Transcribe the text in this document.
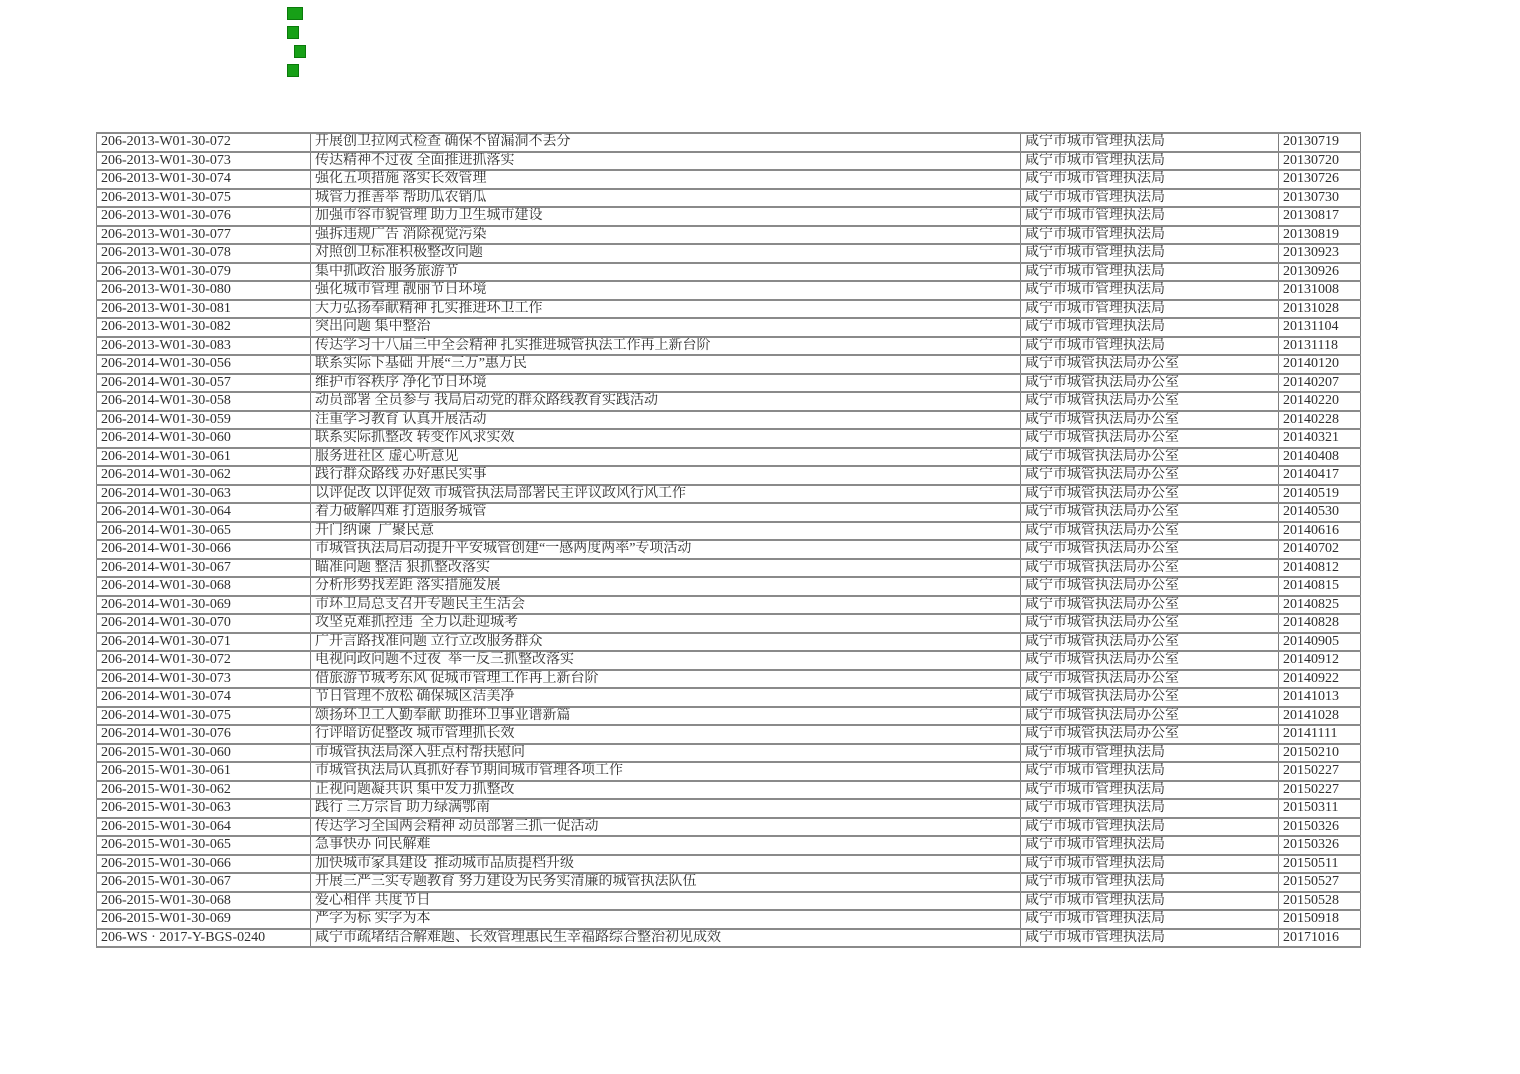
206-2013-W01-30-072	开展创卫拉网式检查 确保不留漏洞不丢分	咸宁市城市管理执法局	20130719
206-2013-W01-30-073	传达精神不过夜 全面推进抓落实	咸宁市城市管理执法局	20130720
206-2013-W01-30-074	强化五项措施 落实长效管理	咸宁市城市管理执法局	20130726
206-2013-W01-30-075	城管力推善举 帮助瓜农销瓜	咸宁市城市管理执法局	20130730
206-2013-W01-30-076	加强市容市貌管理 助力卫生城市建设	咸宁市城市管理执法局	20130817
206-2013-W01-30-077	强拆违规广告 消除视觉污染	咸宁市城市管理执法局	20130819
206-2013-W01-30-078	对照创卫标准积极整改问题	咸宁市城市管理执法局	20130923
206-2013-W01-30-079	集中抓政治 服务旅游节	咸宁市城市管理执法局	20130926
206-2013-W01-30-080	强化城市管理 靓丽节日环境	咸宁市城市管理执法局	20131008
206-2013-W01-30-081	大力弘扬奉献精神 扎实推进环卫工作	咸宁市城市管理执法局	20131028
206-2013-W01-30-082	突出问题 集中整治	咸宁市城市管理执法局	20131104
206-2013-W01-30-083	传达学习十八届三中全会精神 扎实推进城管执法工作再上新台阶	咸宁市城市管理执法局	20131118
206-2014-W01-30-056	联系实际下基础 开展“三万”惠万民	咸宁市城管执法局办公室	20140120
206-2014-W01-30-057	维护市容秩序 净化节日环境	咸宁市城管执法局办公室	20140207
206-2014-W01-30-058	动员部署 全员参与 我局启动党的群众路线教育实践活动	咸宁市城管执法局办公室	20140220
206-2014-W01-30-059	注重学习教育 认真开展活动	咸宁市城管执法局办公室	20140228
206-2014-W01-30-060	联系实际抓整改 转变作风求实效	咸宁市城管执法局办公室	20140321
206-2014-W01-30-061	服务进社区 虚心听意见	咸宁市城管执法局办公室	20140408
206-2014-W01-30-062	践行群众路线 办好惠民实事	咸宁市城管执法局办公室	20140417
206-2014-W01-30-063	以评促改 以评促效 市城管执法局部署民主评议政风行风工作	咸宁市城管执法局办公室	20140519
206-2014-W01-30-064	着力破解四难 打造服务城管	咸宁市城管执法局办公室	20140530
206-2014-W01-30-065	开门纳谏  广聚民意	咸宁市城管执法局办公室	20140616
206-2014-W01-30-066	市城管执法局启动提升平安城管创建“一感两度两率”专项活动	咸宁市城管执法局办公室	20140702
206-2014-W01-30-067	瞄准问题 整洁 狠抓整改落实	咸宁市城管执法局办公室	20140812
206-2014-W01-30-068	分析形势找差距 落实措施发展	咸宁市城管执法局办公室	20140815
206-2014-W01-30-069	市环卫局总支召开专题民主生活会	咸宁市城管执法局办公室	20140825
206-2014-W01-30-070	攻坚克难抓控违  全力以赴迎城考	咸宁市城管执法局办公室	20140828
206-2014-W01-30-071	广开言路找准问题 立行立改服务群众	咸宁市城管执法局办公室	20140905
206-2014-W01-30-072	电视问政问题不过夜  举一反三抓整改落实	咸宁市城管执法局办公室	20140912
206-2014-W01-30-073	借旅游节城考东风 促城市管理工作再上新台阶	咸宁市城管执法局办公室	20140922
206-2014-W01-30-074	节日管理不放松 确保城区洁美净	咸宁市城管执法局办公室	20141013
206-2014-W01-30-075	颂扬环卫工人勤奉献 助推环卫事业谱新篇	咸宁市城管执法局办公室	20141028
206-2014-W01-30-076	行评暗访促整改 城市管理抓长效	咸宁市城管执法局办公室	20141111
206-2015-W01-30-060	市城管执法局深入驻点村帮扶慰问	咸宁市城市管理执法局	20150210
206-2015-W01-30-061	市城管执法局认真抓好春节期间城市管理各项工作	咸宁市城市管理执法局	20150227
206-2015-W01-30-062	正视问题凝共识 集中发力抓整改	咸宁市城市管理执法局	20150227
206-2015-W01-30-063	践行 三万宗旨 助力绿满鄂南	咸宁市城市管理执法局	20150311
206-2015-W01-30-064	传达学习全国两会精神 动员部署三抓一促活动	咸宁市城市管理执法局	20150326
206-2015-W01-30-065	急事快办 问民解难	咸宁市城市管理执法局	20150326
206-2015-W01-30-066	加快城市家具建设  推动城市品质提档升级	咸宁市城市管理执法局	20150511
206-2015-W01-30-067	开展三严三实专题教育 努力建设为民务实清廉的城管执法队伍	咸宁市城市管理执法局	20150527
206-2015-W01-30-068	爱心相伴 共度节日	咸宁市城市管理执法局	20150528
206-2015-W01-30-069	严字为标 实字为本	咸宁市城市管理执法局	20150918
206-WS · 2017-Y-BGS-0240	咸宁市疏堵结合解难题、长效管理惠民生幸福路综合整治初见成效	咸宁市城市管理执法局	20171016
